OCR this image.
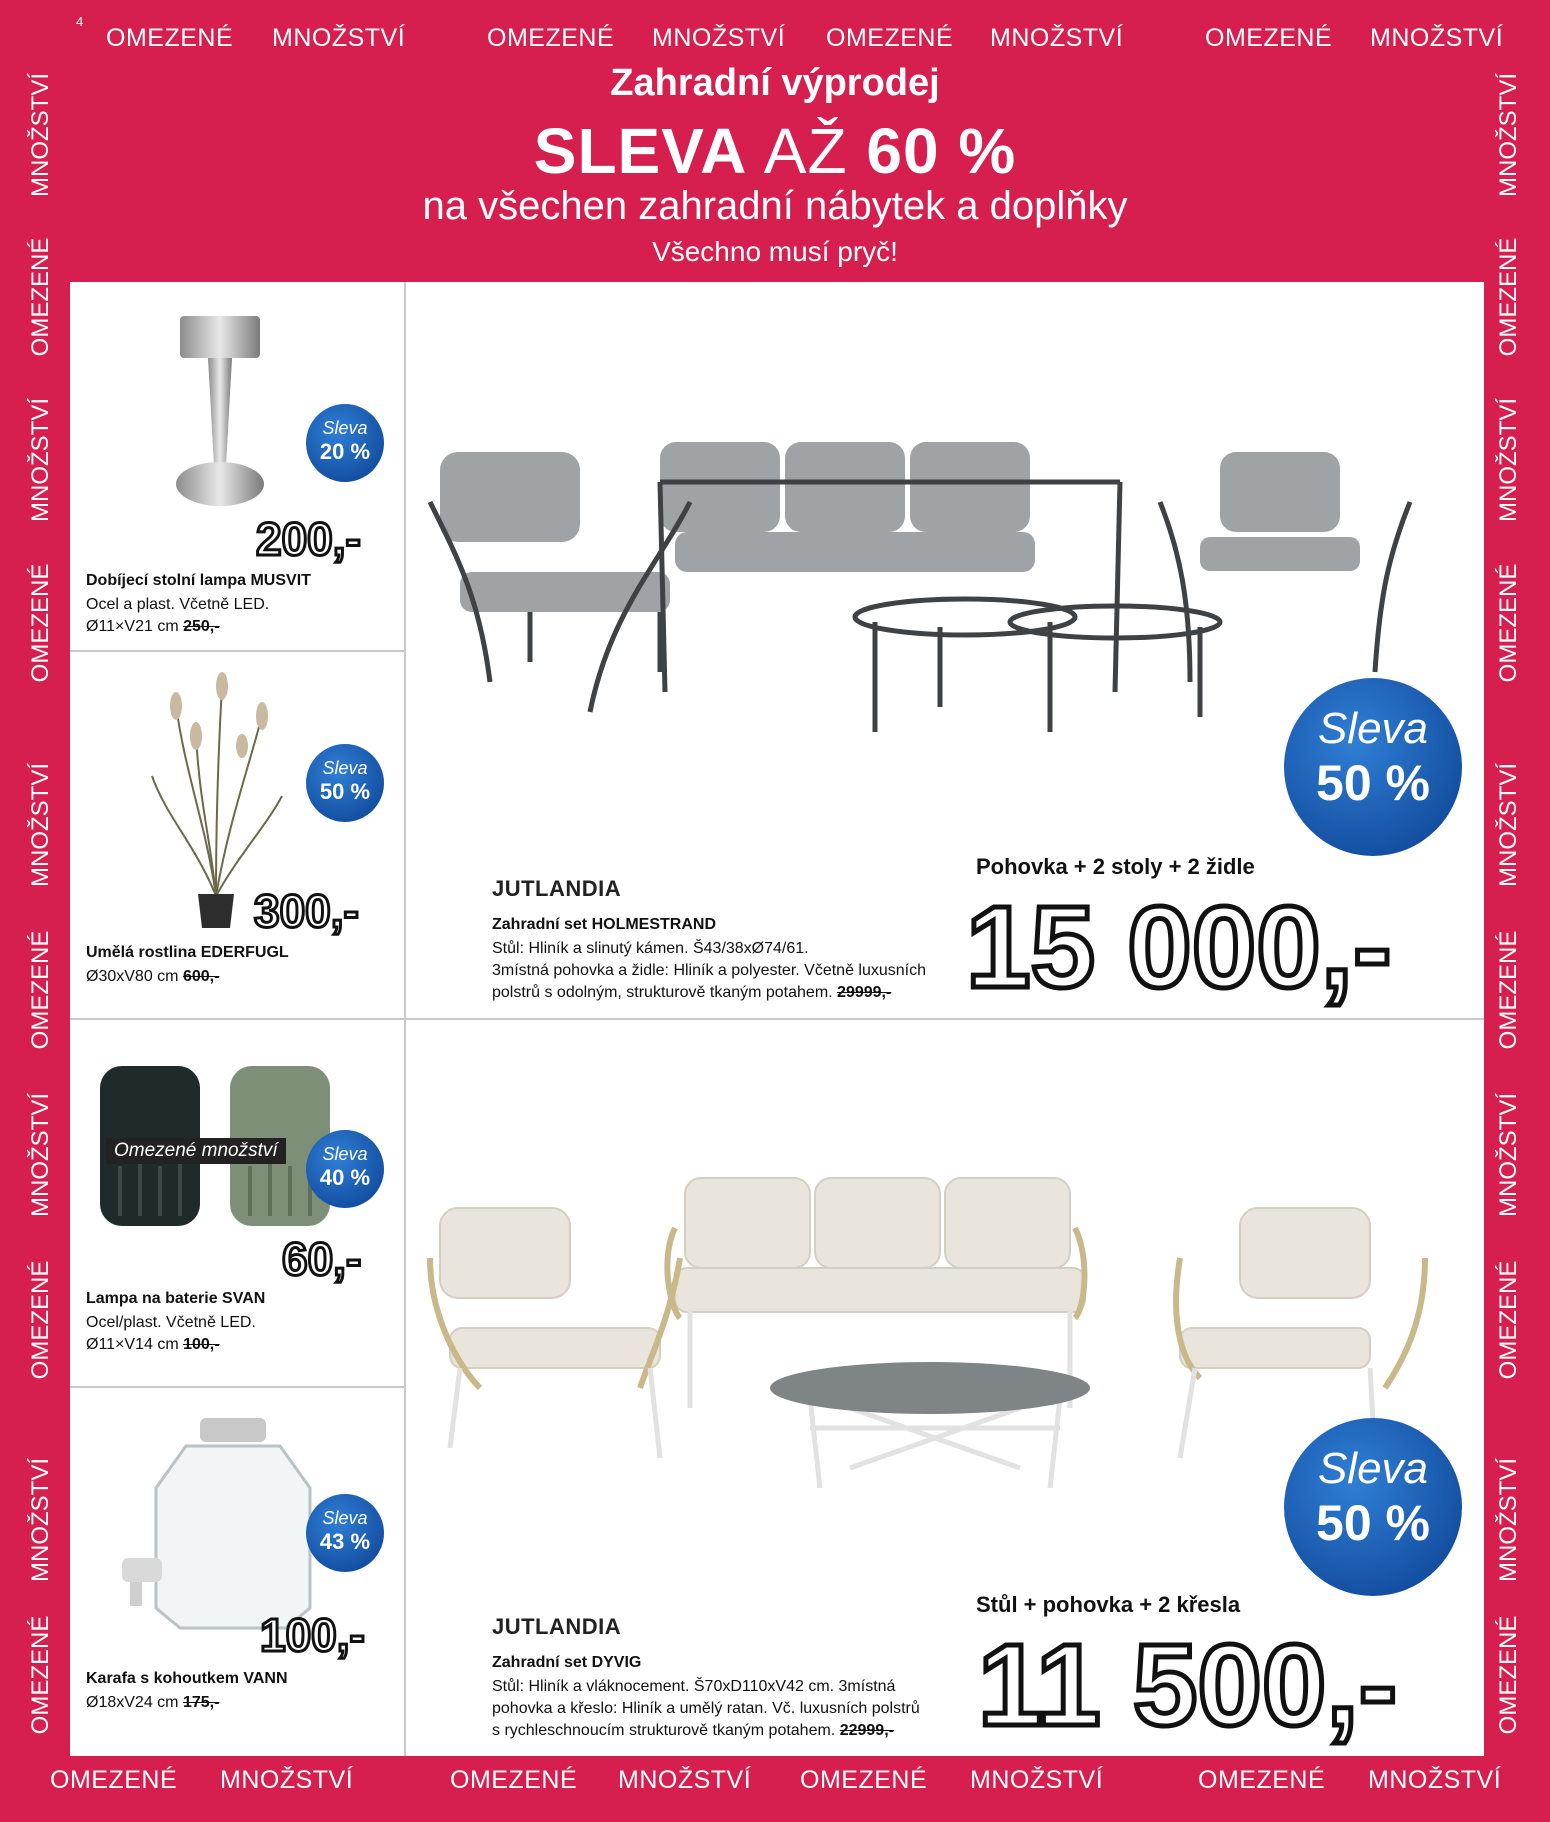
4
OMEZENÉ MNOŽSTVÍ	OMEZENÉ MNOŽSTVÍ OMEZENÉ MNOŽSTVÍ	OMEZENÉ MNOŽSTVÍ
OMEZENÉ MNOŽSTVÍ	OMEZENÉ MNOŽSTVÍ OMEZENÉ MNOŽSTVÍ	OMEZENÉ MNOŽSTVÍ
MNOŽSTVÍ
OMEZENÉ
MNOŽSTVÍ
OMEZENÉ
MNOŽSTVÍ
OMEZENÉ
MNOŽSTVÍ
OMEZENÉ
MNOŽSTVÍ
OMEZENÉ
MNOŽSTVÍ
OMEZENÉ
MNOŽSTVÍ
OMEZENÉ
MNOŽSTVÍ
OMEZENÉ
MNOŽSTVÍ
OMEZENÉ
MNOŽSTVÍ
OMEZENÉ
Zahradní výprodej
SLEVA AŽ 60 %
na všechen zahradní nábytek a doplňky
Všechno musí pryč!
Sleva
20 %
200,-
Dobíjecí stolní lampa MUSVIT
Ocel a plast. Včetně LED.
Ø11×V21 cm 250,-
Sleva
50 %
300,-
Umělá rostlina EDERFUGL
Ø30xV80 cm 600,-
Omezené množství	Sleva
40 %
60,-
Lampa na baterie SVAN
Ocel/plast. Včetně LED.
Ø11×V14 cm 100,-
Sleva
43 %
100,-
Karafa s kohoutkem VANN
Ø18xV24 cm 175,-
Sleva
50 %
Pohovka + 2 stoly + 2 židle
15 000,-
JUTLANDIA
Zahradní set HOLMESTRAND
Stůl: Hliník a slinutý kámen. Š43/38xØ74/61.
3místná pohovka a židle: Hliník a polyester. Včetně luxusních
polstrů s odolným, strukturově tkaným potahem. 29999,-
Sleva
50 %
Stůl + pohovka + 2 křesla
11 500,-
JUTLANDIA
Zahradní set DYVIG
Stůl: Hliník a vláknocement. Š70xD110xV42 cm. 3místná
pohovka a křeslo: Hliník a umělý ratan. Vč. luxusních polstrů
s rychleschnoucím strukturově tkaným potahem. 22999,-
